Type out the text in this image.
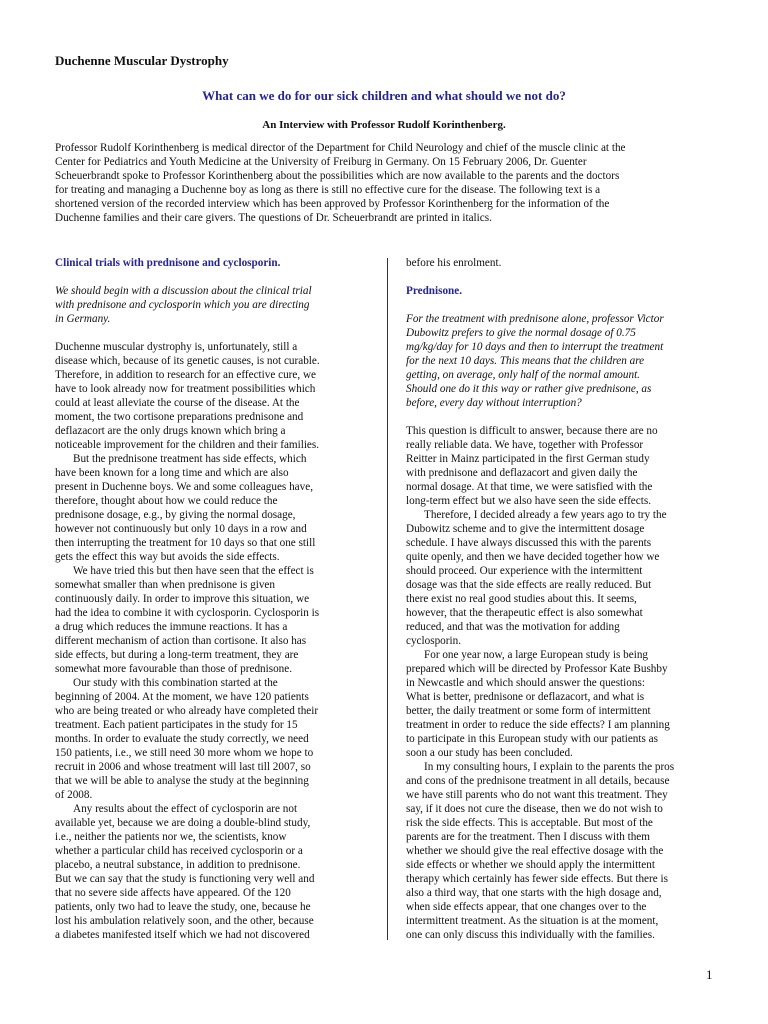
Duchenne Muscular Dystrophy
What can we do for our sick children and what should we not do?
An Interview with Professor Rudolf Korinthenberg.
Professor Rudolf Korinthenberg is medical director of the Department for Child Neurology and chief of the muscle clinic at the
Center for Pediatrics and Youth Medicine at the University of Freiburg in Germany. On 15 February 2006, Dr. Guenter
Scheuerbrandt spoke to Professor Korinthenberg about the possibilities which are now available to the parents and the doctors
for treating and managing a Duchenne boy as long as there is still no effective cure for the disease. The following text is a
shortened version of the recorded interview which has been approved by Professor Korinthenberg for the information of the
Duchenne families and their care givers. The questions of Dr. Scheuerbrandt are printed in italics.
Clinical trials with prednisone and cyclosporin.
We should begin with a discussion about the clinical trial
with prednisone and cyclosporin which you are directing
in Germany.
Duchenne muscular dystrophy is, unfortunately, still a
disease which, because of its genetic causes, is not curable.
Therefore, in addition to research for an effective cure, we
have to look already now for treatment possibilities which
could at least alleviate the course of the disease. At the
moment, the two cortisone preparations prednisone and
deflazacort are the only drugs known which bring a
noticeable improvement for the children and their families.
But the prednisone treatment has side effects, which
have been known for a long time and which are also
present in Duchenne boys. We and some colleagues have,
therefore, thought about how we could reduce the
prednisone dosage, e.g., by giving the normal dosage,
however not continuously but only 10 days in a row and
then interrupting the treatment for 10 days so that one still
gets the effect this way but avoids the side effects.
We have tried this but then have seen that the effect is
somewhat smaller than when prednisone is given
continuously daily. In order to improve this situation, we
had the idea to combine it with cyclosporin. Cyclosporin is
a drug which reduces the immune reactions. It has a
different mechanism of action than cortisone. It also has
side effects, but during a long-term treatment, they are
somewhat more favourable than those of prednisone.
Our study with this combination started at the
beginning of 2004. At the moment, we have 120 patients
who are being treated or who already have completed their
treatment. Each patient participates in the study for 15
months. In order to evaluate the study correctly, we need
150 patients, i.e., we still need 30 more whom we hope to
recruit in 2006 and whose treatment will last till 2007, so
that we will be able to analyse the study at the beginning
of 2008.
Any results about the effect of cyclosporin are not
available yet, because we are doing a double-blind study,
i.e., neither the patients nor we, the scientists, know
whether a particular child has received cyclosporin or a
placebo, a neutral substance, in addition to prednisone.
But we can say that the study is functioning very well and
that no severe side affects have appeared. Of the 120
patients, only two had to leave the study, one, because he
lost his ambulation relatively soon, and the other, because
a diabetes manifested itself which we had not discovered
before his enrolment.
Prednisone.
For the treatment with prednisone alone, professor Victor
Dubowitz prefers to give the normal dosage of 0.75
mg/kg/day for 10 days and then to interrupt the treatment
for the next 10 days. This means that the children are
getting, on average, only half of the normal amount.
Should one do it this way or rather give prednisone, as
before, every day without interruption?
This question is difficult to answer, because there are no
really reliable data. We have, together with Professor
Reitter in Mainz participated in the first German study
with prednisone and deflazacort and given daily the
normal dosage. At that time, we were satisfied with the
long-term effect but we also have seen the side effects.
Therefore, I decided already a few years ago to try the
Dubowitz scheme and to give the intermittent dosage
schedule. I have always discussed this with the parents
quite openly, and then we have decided together how we
should proceed. Our experience with the intermittent
dosage was that the side effects are really reduced. But
there exist no real good studies about this. It seems,
however, that the therapeutic effect is also somewhat
reduced, and that was the motivation for adding
cyclosporin.
For one year now, a large European study is being
prepared which will be directed by Professor Kate Bushby
in Newcastle and which should answer the questions:
What is better, prednisone or deflazacort, and what is
better, the daily treatment or some form of intermittent
treatment in order to reduce the side effects? I am planning
to participate in this European study with our patients as
soon a our study has been concluded.
In my consulting hours, I explain to the parents the pros
and cons of the prednisone treatment in all details, because
we have still parents who do not want this treatment. They
say, if it does not cure the disease, then we do not wish to
risk the side effects. This is acceptable. But most of the
parents are for the treatment. Then I discuss with them
whether we should give the real effective dosage with the
side effects or whether we should apply the intermittent
therapy which certainly has fewer side effects. But there is
also a third way, that one starts with the high dosage and,
when side effects appear, that one changes over to the
intermittent treatment. As the situation is at the moment,
one can only discuss this individually with the families.
1
